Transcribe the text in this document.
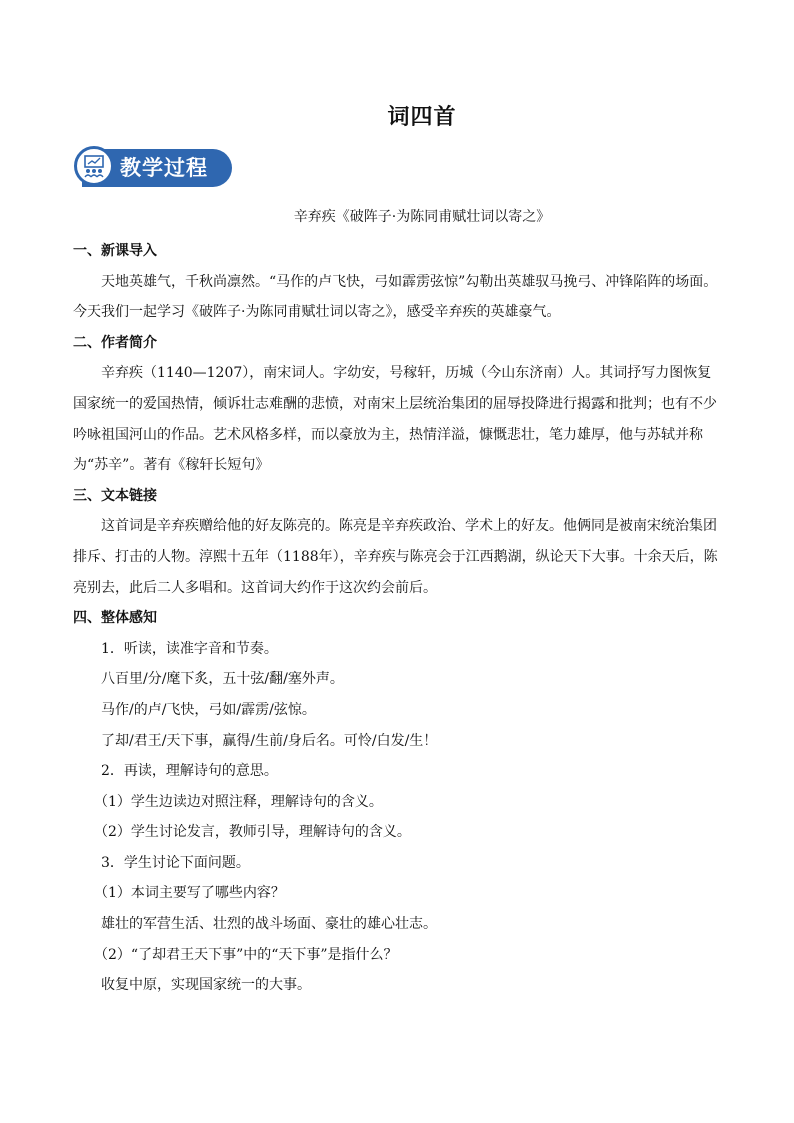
词四首
教学过程
辛弃疾《破阵子·为陈同甫赋壮词以寄之》

一、新课导入

天地英雄气，千秋尚凛然。“马作的卢飞快，弓如霹雳弦惊”勾勒出英雄驭马挽弓、冲锋陷阵的场面。今天我们一起学习《破阵子·为陈同甫赋壮词以寄之》，感受辛弃疾的英雄豪气。

二、作者简介

辛弃疾（1140—1207），南宋词人。字幼安，号稼轩，历城（今山东济南）人。其词抒写力图恢复国家统一的爱国热情，倾诉壮志难酬的悲愤，对南宋上层统治集团的屈辱投降进行揭露和批判；也有不少吟咏祖国河山的作品。艺术风格多样，而以豪放为主，热情洋溢，慷慨悲壮，笔力雄厚，他与苏轼并称为“苏辛”。著有《稼轩长短句》

三、文本链接

这首词是辛弃疾赠给他的好友陈亮的。陈亮是辛弃疾政治、学术上的好友。他俩同是被南宋统治集团排斥、打击的人物。淳熙十五年（1188年），辛弃疾与陈亮会于江西鹅湖，纵论天下大事。十余天后，陈亮别去，此后二人多唱和。这首词大约作于这次约会前后。

四、整体感知

1．听读，读准字音和节奏。

八百里/分/麾下炙，五十弦/翻/塞外声。

马作/的卢/飞快，弓如/霹雳/弦惊。

了却/君王/天下事，赢得/生前/身后名。可怜/白发/生！

2．再读，理解诗句的意思。

（1）学生边读边对照注释，理解诗句的含义。

（2）学生讨论发言，教师引导，理解诗句的含义。

3．学生讨论下面问题。

（1）本词主要写了哪些内容？

雄壮的军营生活、壮烈的战斗场面、豪壮的雄心壮志。

（2）“了却君王天下事”中的“天下事”是指什么？

收复中原，实现国家统一的大事。
